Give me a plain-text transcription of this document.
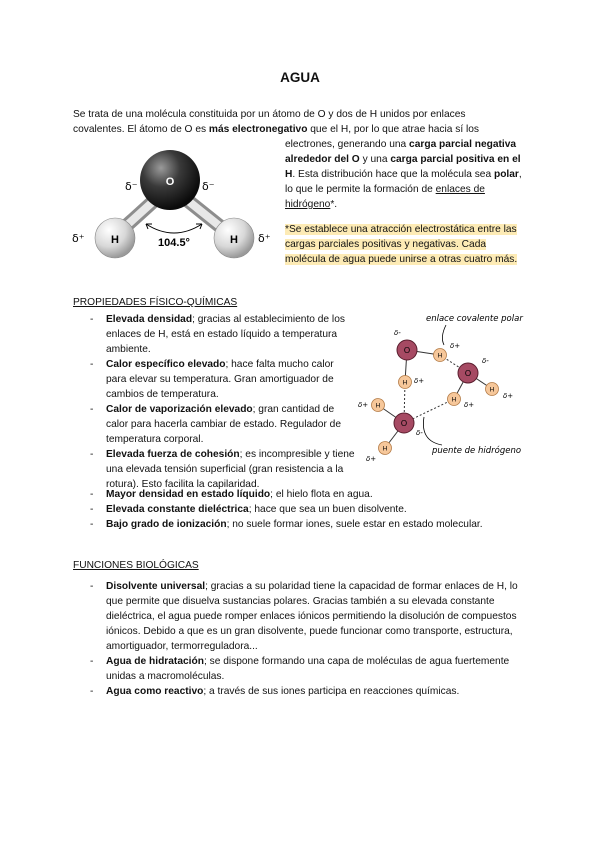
AGUA
Se trata de una molécula constituida por un átomo de O y dos de H unidos por enlaces
covalentes. El átomo de O es más electronegativo que el H, por lo que atrae hacia sí los
electrones, generando una carga parcial negativa alrededor del O y una carga parcial positiva en el H. Esta distribución hace que la molécula sea polar, lo que le permite la formación de enlaces de hidrógeno*.
*Se establece una atracción electrostática entre las cargas parciales positivas y negativas. Cada molécula de agua puede unirse a otras cuatro más.
O
H	H
δ⁻	δ⁻
δ⁺	δ⁺
104.5°
enlace covalente polar
puente de hidrógeno
O
O
O
H
H
H
H
H
H
δ-
δ+
δ-
δ+
δ+
δ+
δ-
δ+
δ+
PROPIEDADES FÍSICO-QUÍMICAS
- Elevada densidad; gracias al establecimiento de los enlaces de H, está en estado líquido a temperatura ambiente.
- Calor específico elevado; hace falta mucho calor para elevar su temperatura. Gran amortiguador de cambios de temperatura.
- Calor de vaporización elevado; gran cantidad de calor para hacerla cambiar de estado. Regulador de temperatura corporal.
- Elevada fuerza de cohesión; es incompresible y tiene una elevada tensión superficial (gran resistencia a la rotura). Esto facilita la capilaridad.
- Mayor densidad en estado líquido; el hielo flota en agua.
- Elevada constante dieléctrica; hace que sea un buen disolvente.
- Bajo grado de ionización; no suele formar iones, suele estar en estado molecular.
FUNCIONES BIOLÓGICAS
- Disolvente universal; gracias a su polaridad tiene la capacidad de formar enlaces de H, lo que permite que disuelva sustancias polares. Gracias también a su elevada constante dieléctrica, el agua puede romper enlaces iónicos permitiendo la disolución de compuestos iónicos. Debido a que es un gran disolvente, puede funcionar como transporte, estructura, amortiguador, termorreguladora...
- Agua de hidratación; se dispone formando una capa de moléculas de agua fuertemente unidas a macromoléculas.
- Agua como reactivo; a través de sus iones participa en reacciones químicas.
